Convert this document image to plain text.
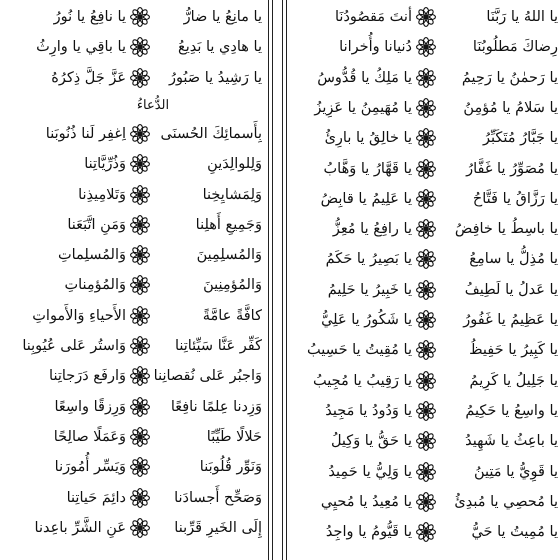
يا اللهُ يا رَبَّنَا
أنتَ مَقصُودُنَا
رِضاكَ مَطلُوبُنَا
دُنيانا وأُخرانا
يا رَحمٰنُ يا رَحِيمُ
يا مَلِكُ يا قُدُّوسُ
يا سَلامُ يا مُؤمِنُ
يا مُهَيمِنُ يا عَزِيزُ
يا جَبَّارُ مُتَكَبِّرُ
يا خالِقُ يا بارِئُ
يا مُصَوِّرُ يا غَفَّارُ
يا قَهَّارُ يا وَهَّابُ
يا رَزَّاقُ يا فَتَّاحُ
يا عَلِيمُ يا قابِضُ
يا باسِطُ يا خافِضُ
يا رافِعُ يا مُعِزُّ
يا مُذِلُّ يا سامِعُ
يا بَصِيرُ يا حَكَمُ
يا عَدلُ يا لَطِيفُ
يا خَبِيرُ يا حَلِيمُ
يا عَظِيمُ يا غَفُورُ
يا شَكُورُ يا عَلِيُّ
يا كَبِيرُ يا حَفِيظُ
يا مُقِيتُ يا حَسِيبُ
يا جَلِيلُ يا كَرِيمُ
يا رَقِيبُ يا مُجِيبُ
يا واسِعُ يا حَكِيمُ
يا وَدُودُ يا مَجِيدُ
يا باعِثُ يا شَهِيدُ
يا حَقُّ يا وَكِيلُ
يا قَوِيُّ يا مَتِينُ
يا وَلِيُّ يا حَمِيدُ
يا مُحصِي يا مُبدِئُ
يا مُعِيدُ يا مُحيِي
يا مُمِيتُ يا حَيُّ
يا قَيُّومُ يا واجِدُ
يا مانِعُ يا ضارُّ
يا نافِعُ يا نُورُ
يا هادِي يا بَدِيعُ
يا باقِي يا وارِثُ
يا رَشِيدُ يا صَبُورُ
عَزَّ جَلَّ ذِكرُهُ
الدُّعاءُ
بِأَسمائِكَ الحُسنَى
اِغفِر لَنا ذُنُوبَنا
وَلِلوالِدَينِ
وَذُرِّيَّاتِنا
وَلِمَشايِخِنا
وَتَلامِيذِنا
وَجَمِيعِ أَهلِنا
وَمَنِ اتَّبَعَنا
وَالمُسلِمِينَ
وَالمُسلِماتِ
وَالمُؤمِنِينَ
وَالمُؤمِناتِ
كافَّةً عامَّةً
الأَحياءِ وَالأَمواتِ
كَفِّر عَنَّا سَيِّئاتِنا
وَاستُر عَلى عُيُوبِنا
وَاجبُر عَلى نُقصانِنا
وَارفَع دَرَجاتِنا
وَزِدنا عِلمًا نافِعًا
وَرِزقًا واسِعًا
حَلالًا طَيِّبًا
وَعَمَلًا صالِحًا
وَنَوِّر قُلُوبَنا
وَيَسِّر أُمُورَنا
وَصَحِّح أَجسادَنا
دائِمَ حَياتِنا
إِلَى الخَيرِ قَرِّبنا
عَنِ الشَّرِّ باعِدنا
